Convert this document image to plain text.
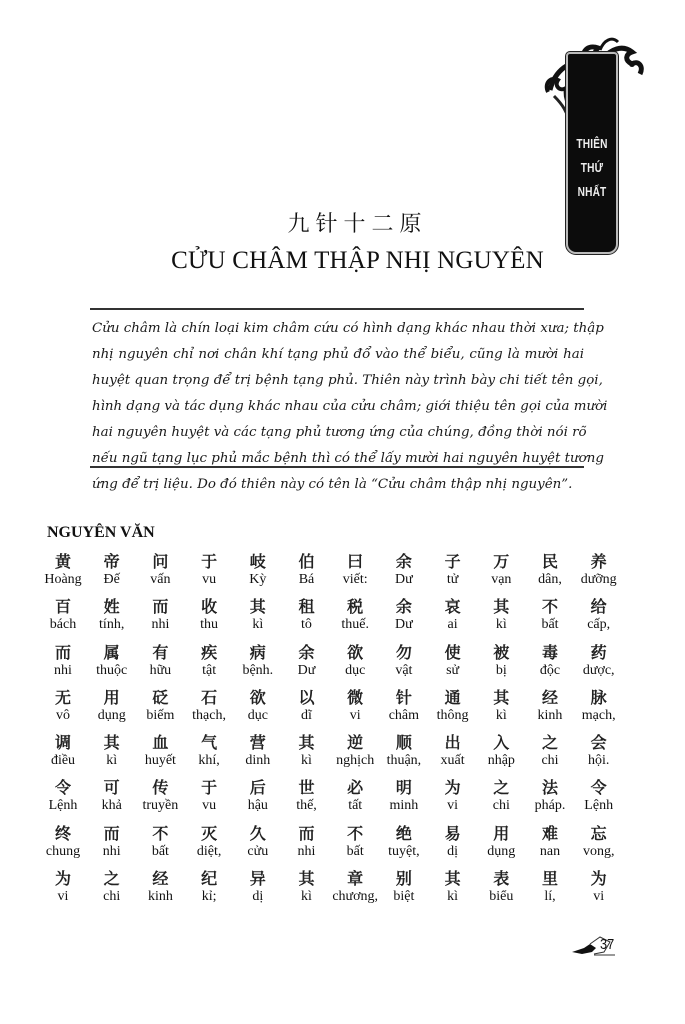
THIÊN
THỨ
NHẤT
九针十二原
CỬU CHÂM THẬP NHỊ NGUYÊN
Cửu châm là chín loại kim châm cứu có hình dạng khác nhau thời xưa; thập
nhị nguyên chỉ nơi chân khí tạng phủ đổ vào thể biểu, cũng là mười hai
huyệt quan trọng để trị bệnh tạng phủ. Thiên này trình bày chi tiết tên gọi,
hình dạng và tác dụng khác nhau của cửu châm; giới thiệu tên gọi của mười
hai nguyên huyệt và các tạng phủ tương ứng của chúng, đồng thời nói rõ
nếu ngũ tạng lục phủ mắc bệnh thì có thể lấy mười hai nguyên huyệt tương
ứng để trị liệu. Do đó thiên này có tên là “Cửu châm thập nhị nguyên”.
NGUYÊN VĂN
黄
Hoàng
帝
Đế
问
vấn
于
vu
岐
Kỳ
伯
Bá
曰
viết:
余
Dư
子
tử
万
vạn
民
dân,
养
dưỡng
百
bách
姓
tính,
而
nhi
收
thu
其
kì
租
tô
税
thuế.
余
Dư
哀
ai
其
kì
不
bất
给
cấp,
而
nhi
属
thuộc
有
hữu
疾
tật
病
bệnh.
余
Dư
欲
dục
勿
vật
使
sử
被
bị
毒
độc
药
dược,
无
vô
用
dụng
砭
biếm
石
thạch,
欲
dục
以
dĩ
微
vi
针
châm
通
thông
其
kì
经
kinh
脉
mạch,
调
điều
其
kì
血
huyết
气
khí,
营
dinh
其
kì
逆
nghịch
顺
thuận,
出
xuất
入
nhập
之
chi
会
hội.
令
Lệnh
可
khả
传
truyền
于
vu
后
hậu
世
thế,
必
tất
明
minh
为
vi
之
chi
法
pháp.
令
Lệnh
终
chung
而
nhi
不
bất
灭
diệt,
久
cửu
而
nhi
不
bất
绝
tuyệt,
易
dị
用
dụng
难
nan
忘
vong,
为
vi
之
chi
经
kinh
纪
kỉ;
异
dị
其
kì
章
chương,
别
biệt
其
kì
表
biểu
里
lí,
为
vi
37
